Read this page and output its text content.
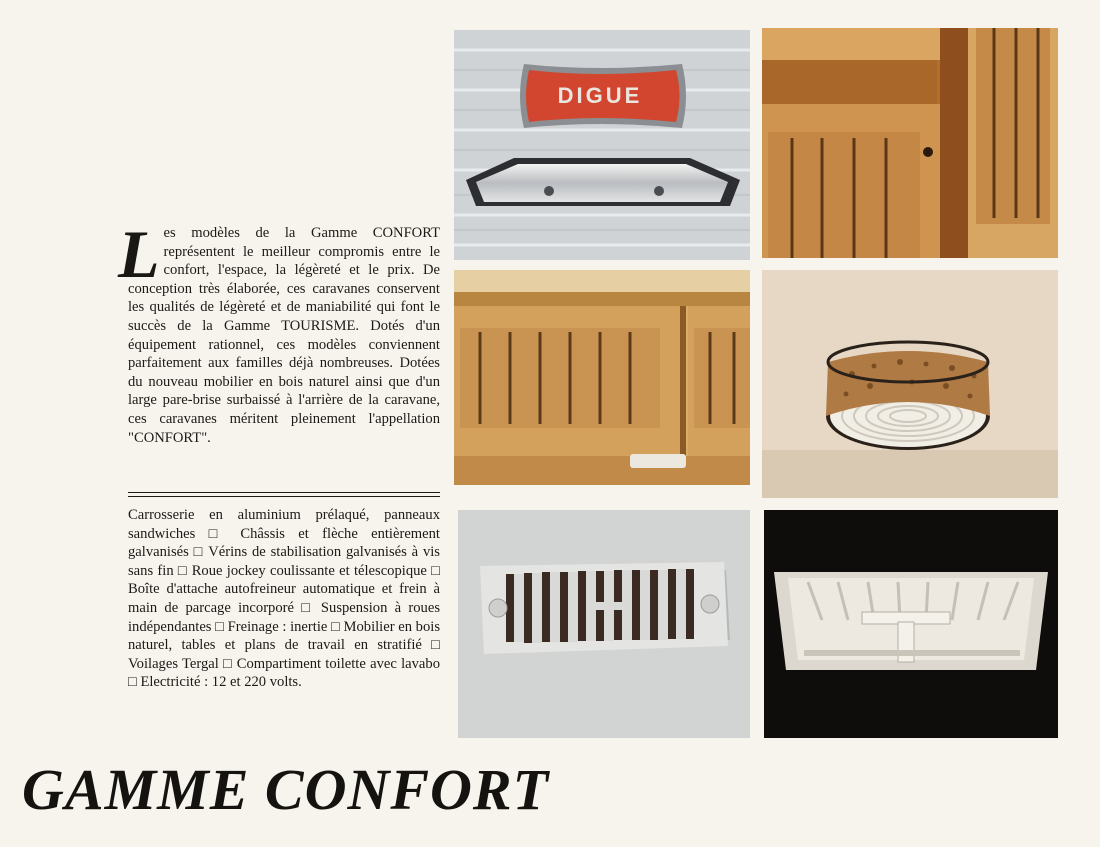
Les modèles de la Gamme CONFORT représentent le meilleur compromis entre le confort, l'espace, la légèreté et le prix. De conception très élaborée, ces caravanes conservent les qualités de légèreté et de maniabilité qui font le succès de la Gamme TOURISME. Dotés d'un équipement rationnel, ces modèles conviennent parfaitement aux familles déjà nombreuses. Dotées du nouveau mobilier en bois naturel ainsi que d'un large pare-brise surbaissé à l'arrière de la caravane, ces caravanes méritent pleinement l'appellation "CONFORT".
Carrosserie en aluminium prélaqué, panneaux sandwiches □ Châssis et flèche entièrement galvanisés □ Vérins de stabilisation galvanisés à vis sans fin □ Roue jockey coulissante et télescopique □ Boîte d'attache autofreineur automatique et frein à main de parcage incorporé □ Suspension à roues indépendantes □ Freinage : inertie □ Mobilier en bois naturel, tables et plans de travail en stratifié □ Voilages Tergal □ Compartiment toilette avec lavabo □ Electricité : 12 et 220 volts.
GAMME CONFORT
DIGUE
